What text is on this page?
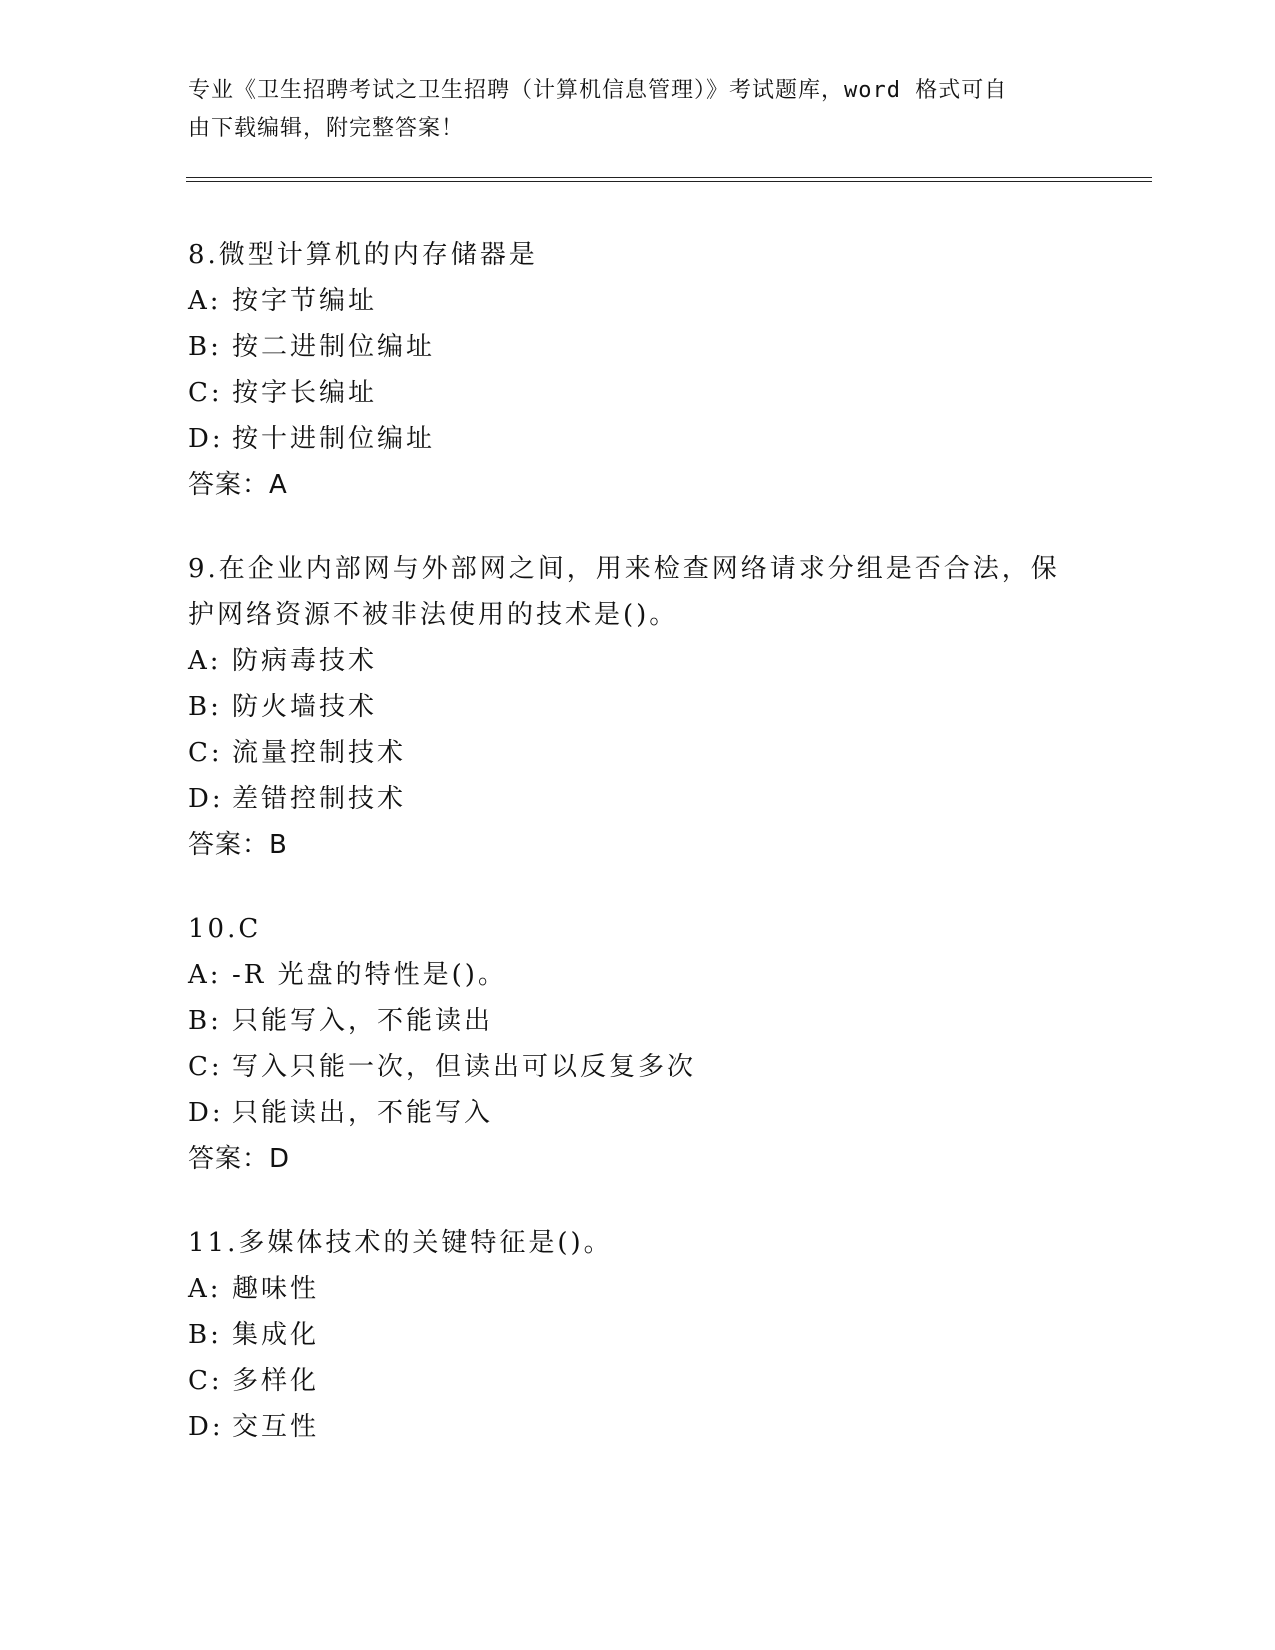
专业《卫生招聘考试之卫生招聘（计算机信息管理）》考试题库，word 格式可自
由下载编辑，附完整答案！
8.微型计算机的内存储器是
A: 按字节编址
B: 按二进制位编址
C: 按字长编址
D: 按十进制位编址
答案：A
9.在企业内部网与外部网之间，用来检查网络请求分组是否合法，保护网络资源不被非法使用的技术是()。
A: 防病毒技术
B: 防火墙技术
C: 流量控制技术
D: 差错控制技术
答案：B
10.C
A: -R 光盘的特性是()。
B: 只能写入，不能读出
C: 写入只能一次，但读出可以反复多次
D: 只能读出，不能写入
答案：D
11.多媒体技术的关键特征是()。
A: 趣味性
B: 集成化
C: 多样化
D: 交互性
